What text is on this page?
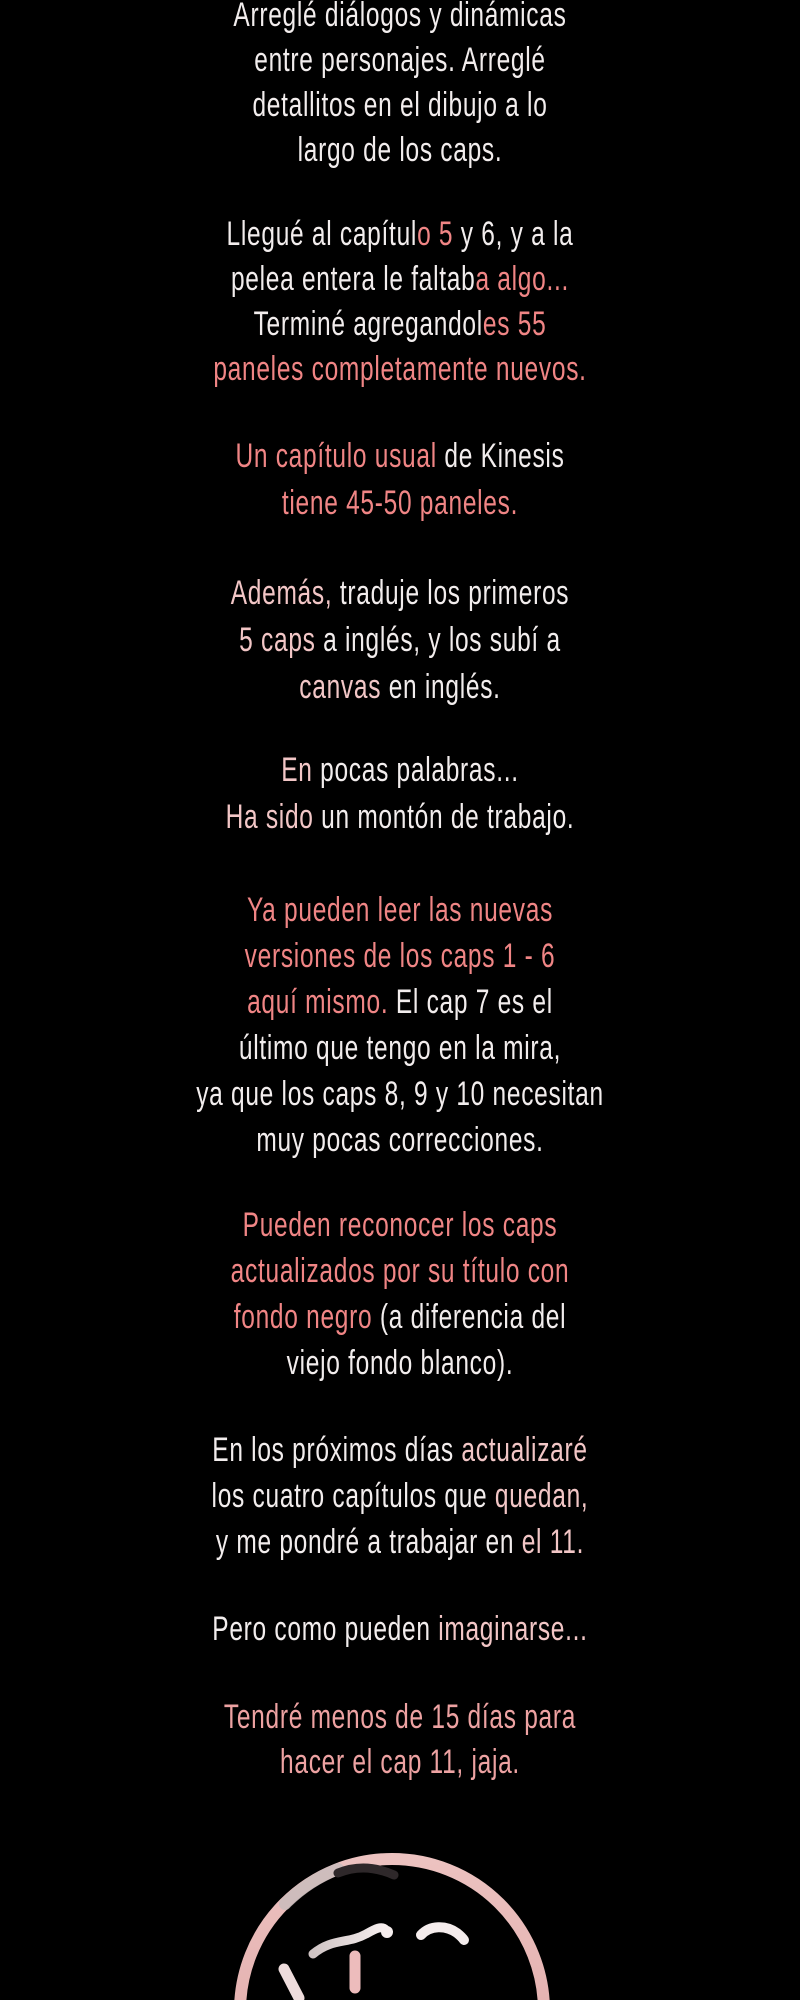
Arreglé diálogos y dinámicas
entre personajes. Arreglé
detallitos en el dibujo a lo
largo de los caps.
Llegué al capítulo 5 y 6, y a la
pelea entera le faltaba algo...
Terminé agregandoles 55
paneles completamente nuevos.
Un capítulo usual de Kinesis
tiene 45-50 paneles.
Además, traduje los primeros
5 caps a inglés, y los subí a
canvas en inglés.
En pocas palabras...
Ha sido un montón de trabajo.
Ya pueden leer las nuevas
versiones de los caps 1 - 6
aquí mismo. El cap 7 es el
último que tengo en la mira,
ya que los caps 8, 9 y 10 necesitan
muy pocas correcciones.
Pueden reconocer los caps
actualizados por su título con
fondo negro (a diferencia del
viejo fondo blanco).
En los próximos días actualizaré
los cuatro capítulos que quedan,
y me pondré a trabajar en el 11.
Pero como pueden imaginarse...
Tendré menos de 15 días para
hacer el cap 11, jaja.
